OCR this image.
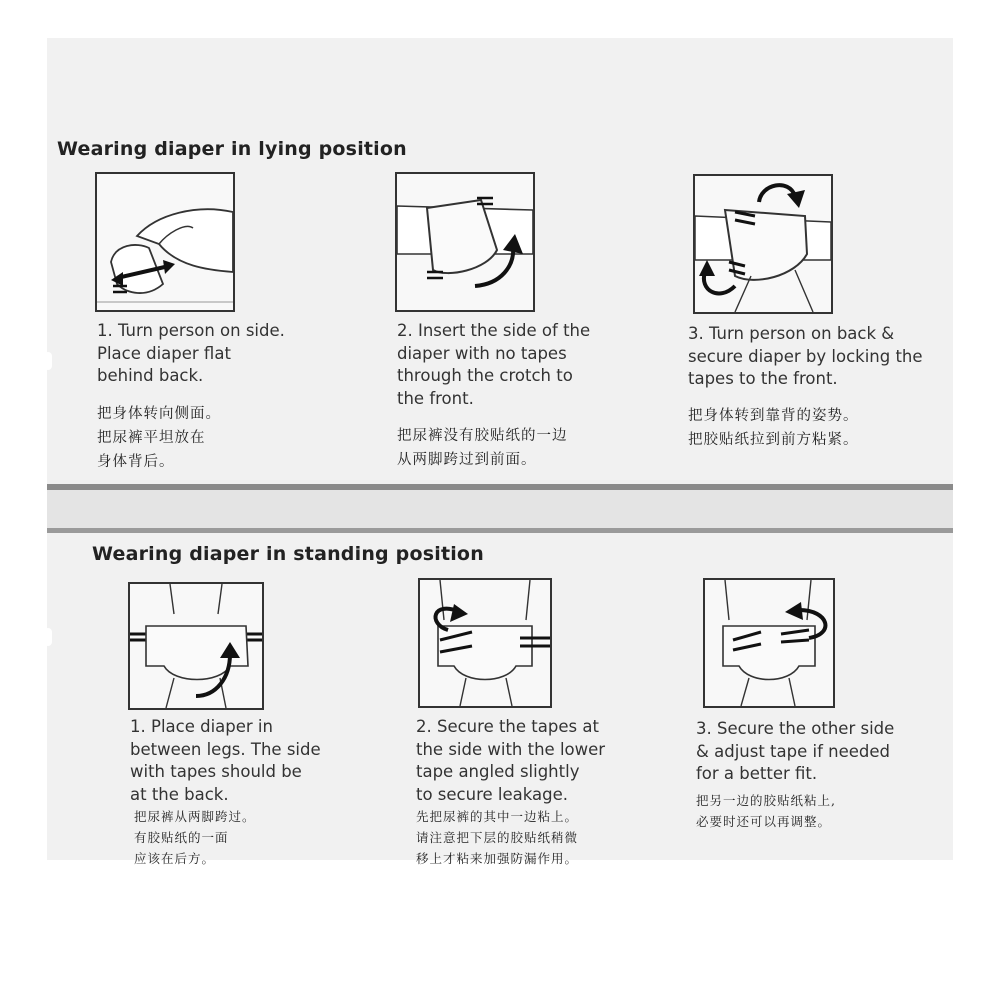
Wearing diaper in lying position
1. Turn person on side.
Place diaper flat
behind back.
把身体转向侧面。
把尿裤平坦放在
身体背后。
2. Insert the side of the
diaper with no tapes
through the crotch to
the front.
把尿裤没有胶贴纸的一边
从两脚跨过到前面。
3. Turn person on back &
secure diaper by locking the
tapes to the front.
把身体转到靠背的姿势。
把胶贴纸拉到前方粘紧。
Wearing diaper in standing position
1. Place diaper in
between legs. The side
with tapes should be
at the back.
把尿裤从两脚跨过。
有胶贴纸的一面
应该在后方。
2. Secure the tapes at
the side with the lower
tape angled slightly
to secure leakage.
先把尿裤的其中一边粘上。
请注意把下层的胶贴纸稍微
移上才粘来加强防漏作用。
3. Secure the other side
& adjust tape if needed
for a better fit.
把另一边的胶贴纸粘上,
必要时还可以再调整。
